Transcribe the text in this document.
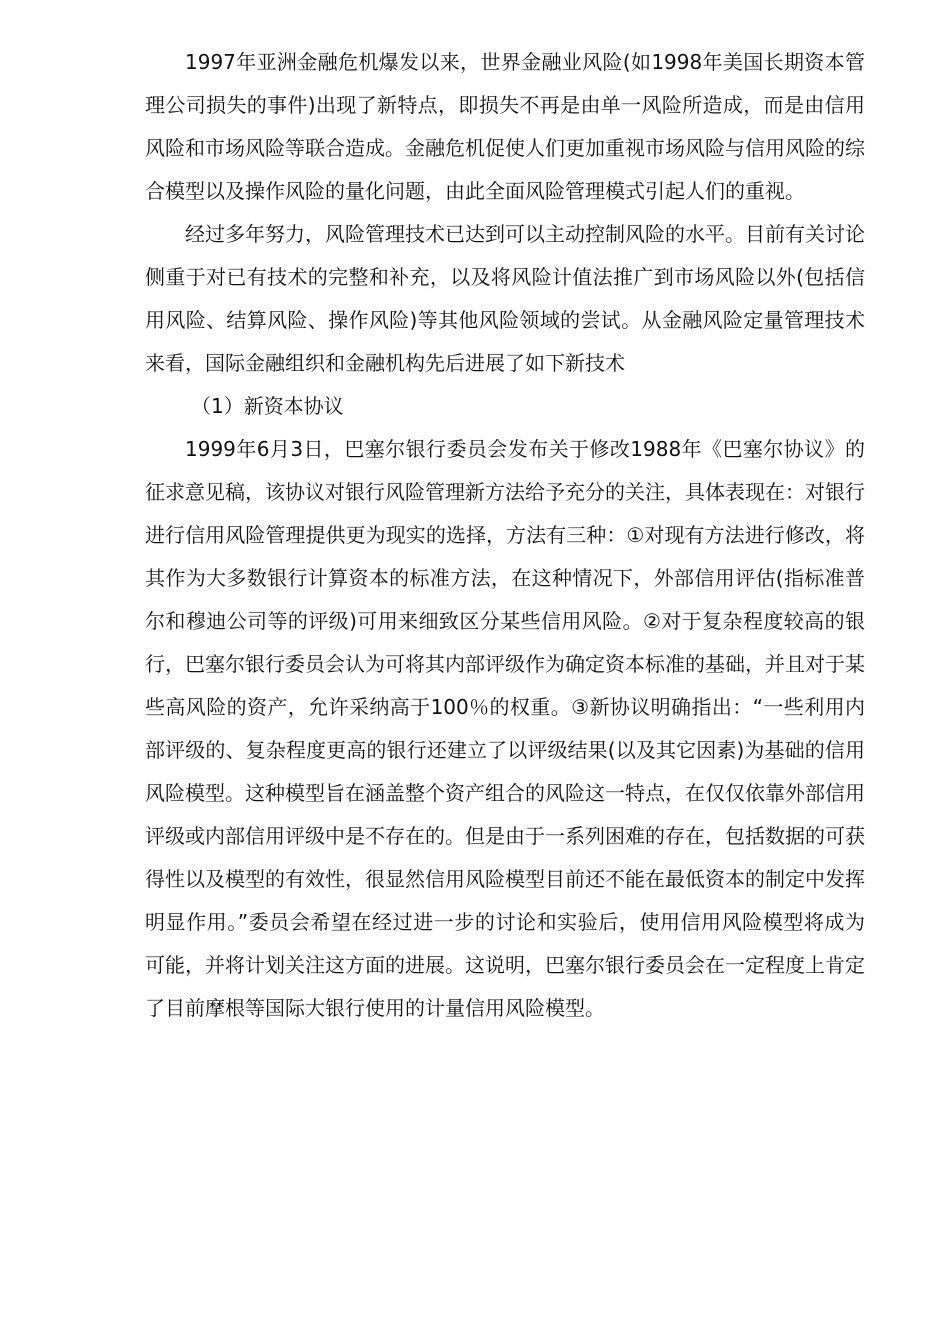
1997年亚洲金融危机爆发以来，世界金融业风险(如1998年美国长期资本管理公司损失的事件)出现了新特点，即损失不再是由单一风险所造成，而是由信用风险和市场风险等联合造成。金融危机促使人们更加重视市场风险与信用风险的综合模型以及操作风险的量化问题，由此全面风险管理模式引起人们的重视。

经过多年努力，风险管理技术已达到可以主动控制风险的水平。目前有关讨论侧重于对已有技术的完整和补充，以及将风险计值法推广到市场风险以外(包括信用风险、结算风险、操作风险)等其他风险领域的尝试。从金融风险定量管理技术来看，国际金融组织和金融机构先后进展了如下新技术

（1）新资本协议

1999年6月3日，巴塞尔银行委员会发布关于修改1988年《巴塞尔协议》的征求意见稿，该协议对银行风险管理新方法给予充分的关注，具体表现在：对银行进行信用风险管理提供更为现实的选择，方法有三种：①对现有方法进行修改，将其作为大多数银行计算资本的标准方法，在这种情况下，外部信用评估(指标准普尔和穆迪公司等的评级)可用来细致区分某些信用风险。②对于复杂程度较高的银行，巴塞尔银行委员会认为可将其内部评级作为确定资本标准的基础，并且对于某些高风险的资产，允许采纳高于100％的权重。③新协议明确指出：“一些利用内部评级的、复杂程度更高的银行还建立了以评级结果(以及其它因素)为基础的信用风险模型。这种模型旨在涵盖整个资产组合的风险这一特点，在仅仅依靠外部信用评级或内部信用评级中是不存在的。但是由于一系列困难的存在，包括数据的可获得性以及模型的有效性，很显然信用风险模型目前还不能在最低资本的制定中发挥明显作用。”委员会希望在经过进一步的讨论和实验后，使用信用风险模型将成为可能，并将计划关注这方面的进展。这说明，巴塞尔银行委员会在一定程度上肯定了目前摩根等国际大银行使用的计量信用风险模型。
